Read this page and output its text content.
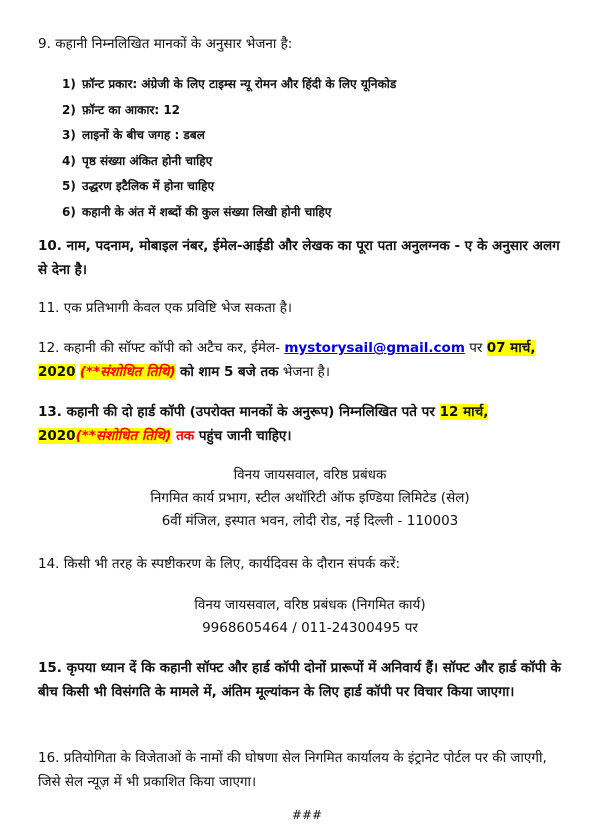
9. कहानी निम्नलिखित मानकों के अनुसार भेजना है:

1) फ़ॉन्ट प्रकार: अंग्रेजी के लिए टाइम्स न्यू रोमन और हिंदी के लिए यूनिकोड
2) फ़ॉन्ट का आकार: 12
3) लाइनों के बीच जगह : डबल
4) पृष्ठ संख्या अंकित होनी चाहिए
5) उद्धरण इटैलिक में होना चाहिए
6) कहानी के अंत में शब्दों की कुल संख्या लिखी होनी चाहिए

10. नाम, पदनाम, मोबाइल नंबर, ईमेल-आईडी और लेखक का पूरा पता अनुलग्नक - ए के अनुसार अलग से देना है।

11. एक प्रतिभागी केवल एक प्रविष्टि भेज सकता है।

12. कहानी की सॉफ्ट कॉपी को अटैच कर, ईमेल- mystorysail@gmail.com पर 07 मार्च, 2020 (**संशोधित तिथि) को शाम 5 बजे तक भेजना है।

13. कहानी की दो हार्ड कॉपी (उपरोक्त मानकों के अनुरूप) निम्नलिखित पते पर 12 मार्च, 2020(**संशोधित तिथि) तक पहुंच जानी चाहिए।

विनय जायसवाल, वरिष्ठ प्रबंधक
निगमित कार्य प्रभाग, स्टील अथॉरिटी ऑफ इण्डिया लिमिटेड (सेल)
6वीं मंजिल, इस्पात भवन, लोदी रोड, नई दिल्ली - 110003

14. किसी भी तरह के स्पष्टीकरण के लिए, कार्यदिवस के दौरान संपर्क करें:

विनय जायसवाल, वरिष्ठ प्रबंधक (निगमित कार्य)
9968605464 / 011-24300495 पर

15. कृपया ध्यान दें कि कहानी सॉफ्ट और हार्ड कॉपी दोनों प्रारूपों में अनिवार्य हैं। सॉफ्ट और हार्ड कॉपी के बीच किसी भी विसंगति के मामले में, अंतिम मूल्यांकन के लिए हार्ड कॉपी पर विचार किया जाएगा।

16. प्रतियोगिता के विजेताओं के नामों की घोषणा सेल निगमित कार्यालय के इंट्रानेट पोर्टल पर की जाएगी, जिसे सेल न्यूज़ में भी प्रकाशित किया जाएगा।

###
